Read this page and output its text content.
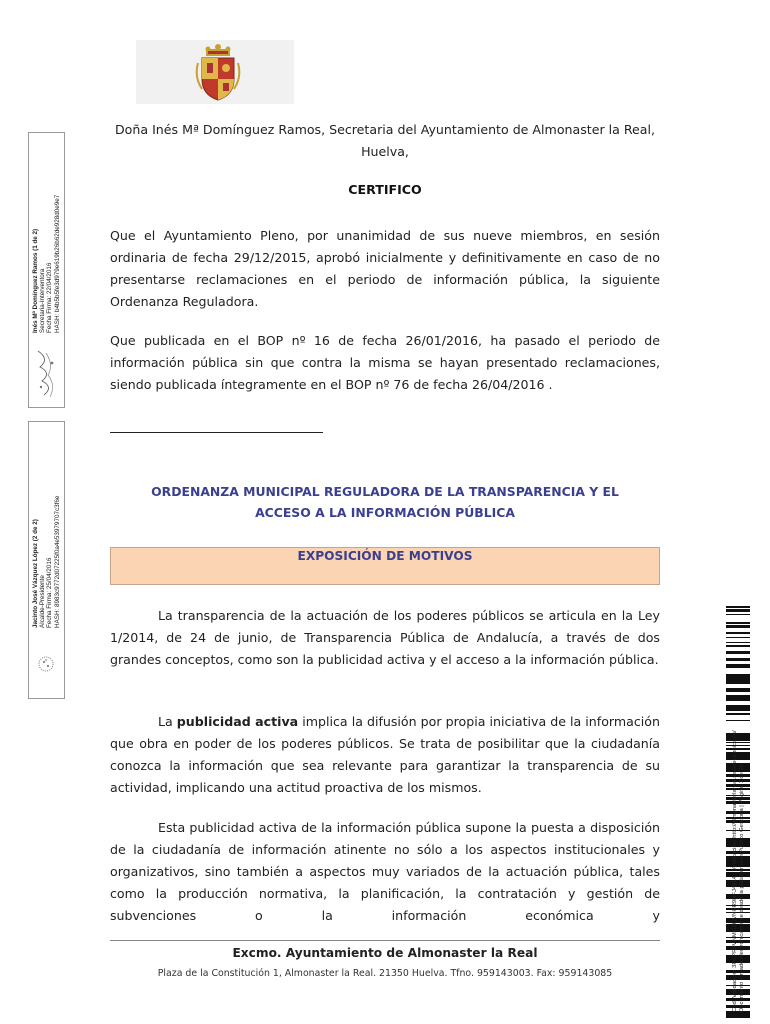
Doña Inés Mª Domínguez Ramos, Secretaria del Ayuntamiento de Almonaster la Real, Huelva,
CERTIFICO
Que el Ayuntamiento Pleno, por unanimidad de sus nueve miembros, en sesión ordinaria de fecha 29/12/2015, aprobó inicialmente y definitivamente en caso de no presentarse reclamaciones en el periodo de información pública, la siguiente Ordenanza Reguladora.
Que publicada en el BOP nº 16 de fecha 26/01/2016, ha pasado el periodo de información pública sin que contra la misma se hayan presentado reclamaciones, siendo publicada íntegramente en el BOP nº 76 de fecha 26/04/2016 .
ORDENANZA MUNICIPAL REGULADORA DE LA TRANSPARENCIA Y EL
ACCESO A LA INFORMACIÓN PÚBLICA
EXPOSICIÓN DE MOTIVOS
La transparencia de la actuación de los poderes públicos se articula en la Ley 1/2014, de 24 de junio, de Transparencia Pública de Andalucía, a través de dos grandes conceptos, como son la publicidad activa y el acceso a la información pública.
La publicidad activa implica la difusión por propia iniciativa de la información que obra en poder de los poderes públicos. Se trata de posibilitar que la ciudadanía conozca la información que sea relevante para garantizar la transparencia de su actividad, implicando una actitud proactiva de los mismos.
Esta publicidad activa de la información pública supone la puesta a disposición de la ciudadanía de información atinente no sólo a los aspectos institucionales y organizativos, sino también a aspectos muy variados de la actuación pública, tales como la producción normativa, la planificación, la contratación y gestión de subvenciones o la información económica y
Excmo. Ayuntamiento de Almonaster la Real
Plaza de la Constitución 1, Almonaster la Real. 21350 Huelva. Tfno. 959143003. Fax: 959143085
Inés Mª Domínguez Ramos (1 de 2) Secretaria-Interventora Fecha Firma: 22/04/2016 HASH: b4b5b5fe3d979e619b26b62de928d0e9e7
Jacinto José Vázquez López (2 de 2) Alcalde-Presidente Fecha Firma: 25/04/2016 HASH: 8983c9772d07225f0a4e53979707c3f6e
Cód. Validación: 3FCPR9VNMG2QVNHR9NFJ48L4 | Verificación: http://almonasterlareal.sedelectronica.es/ Documento firmado electrónicamente desde la plataforma esPublico Gestiona | Página 1 de 26
